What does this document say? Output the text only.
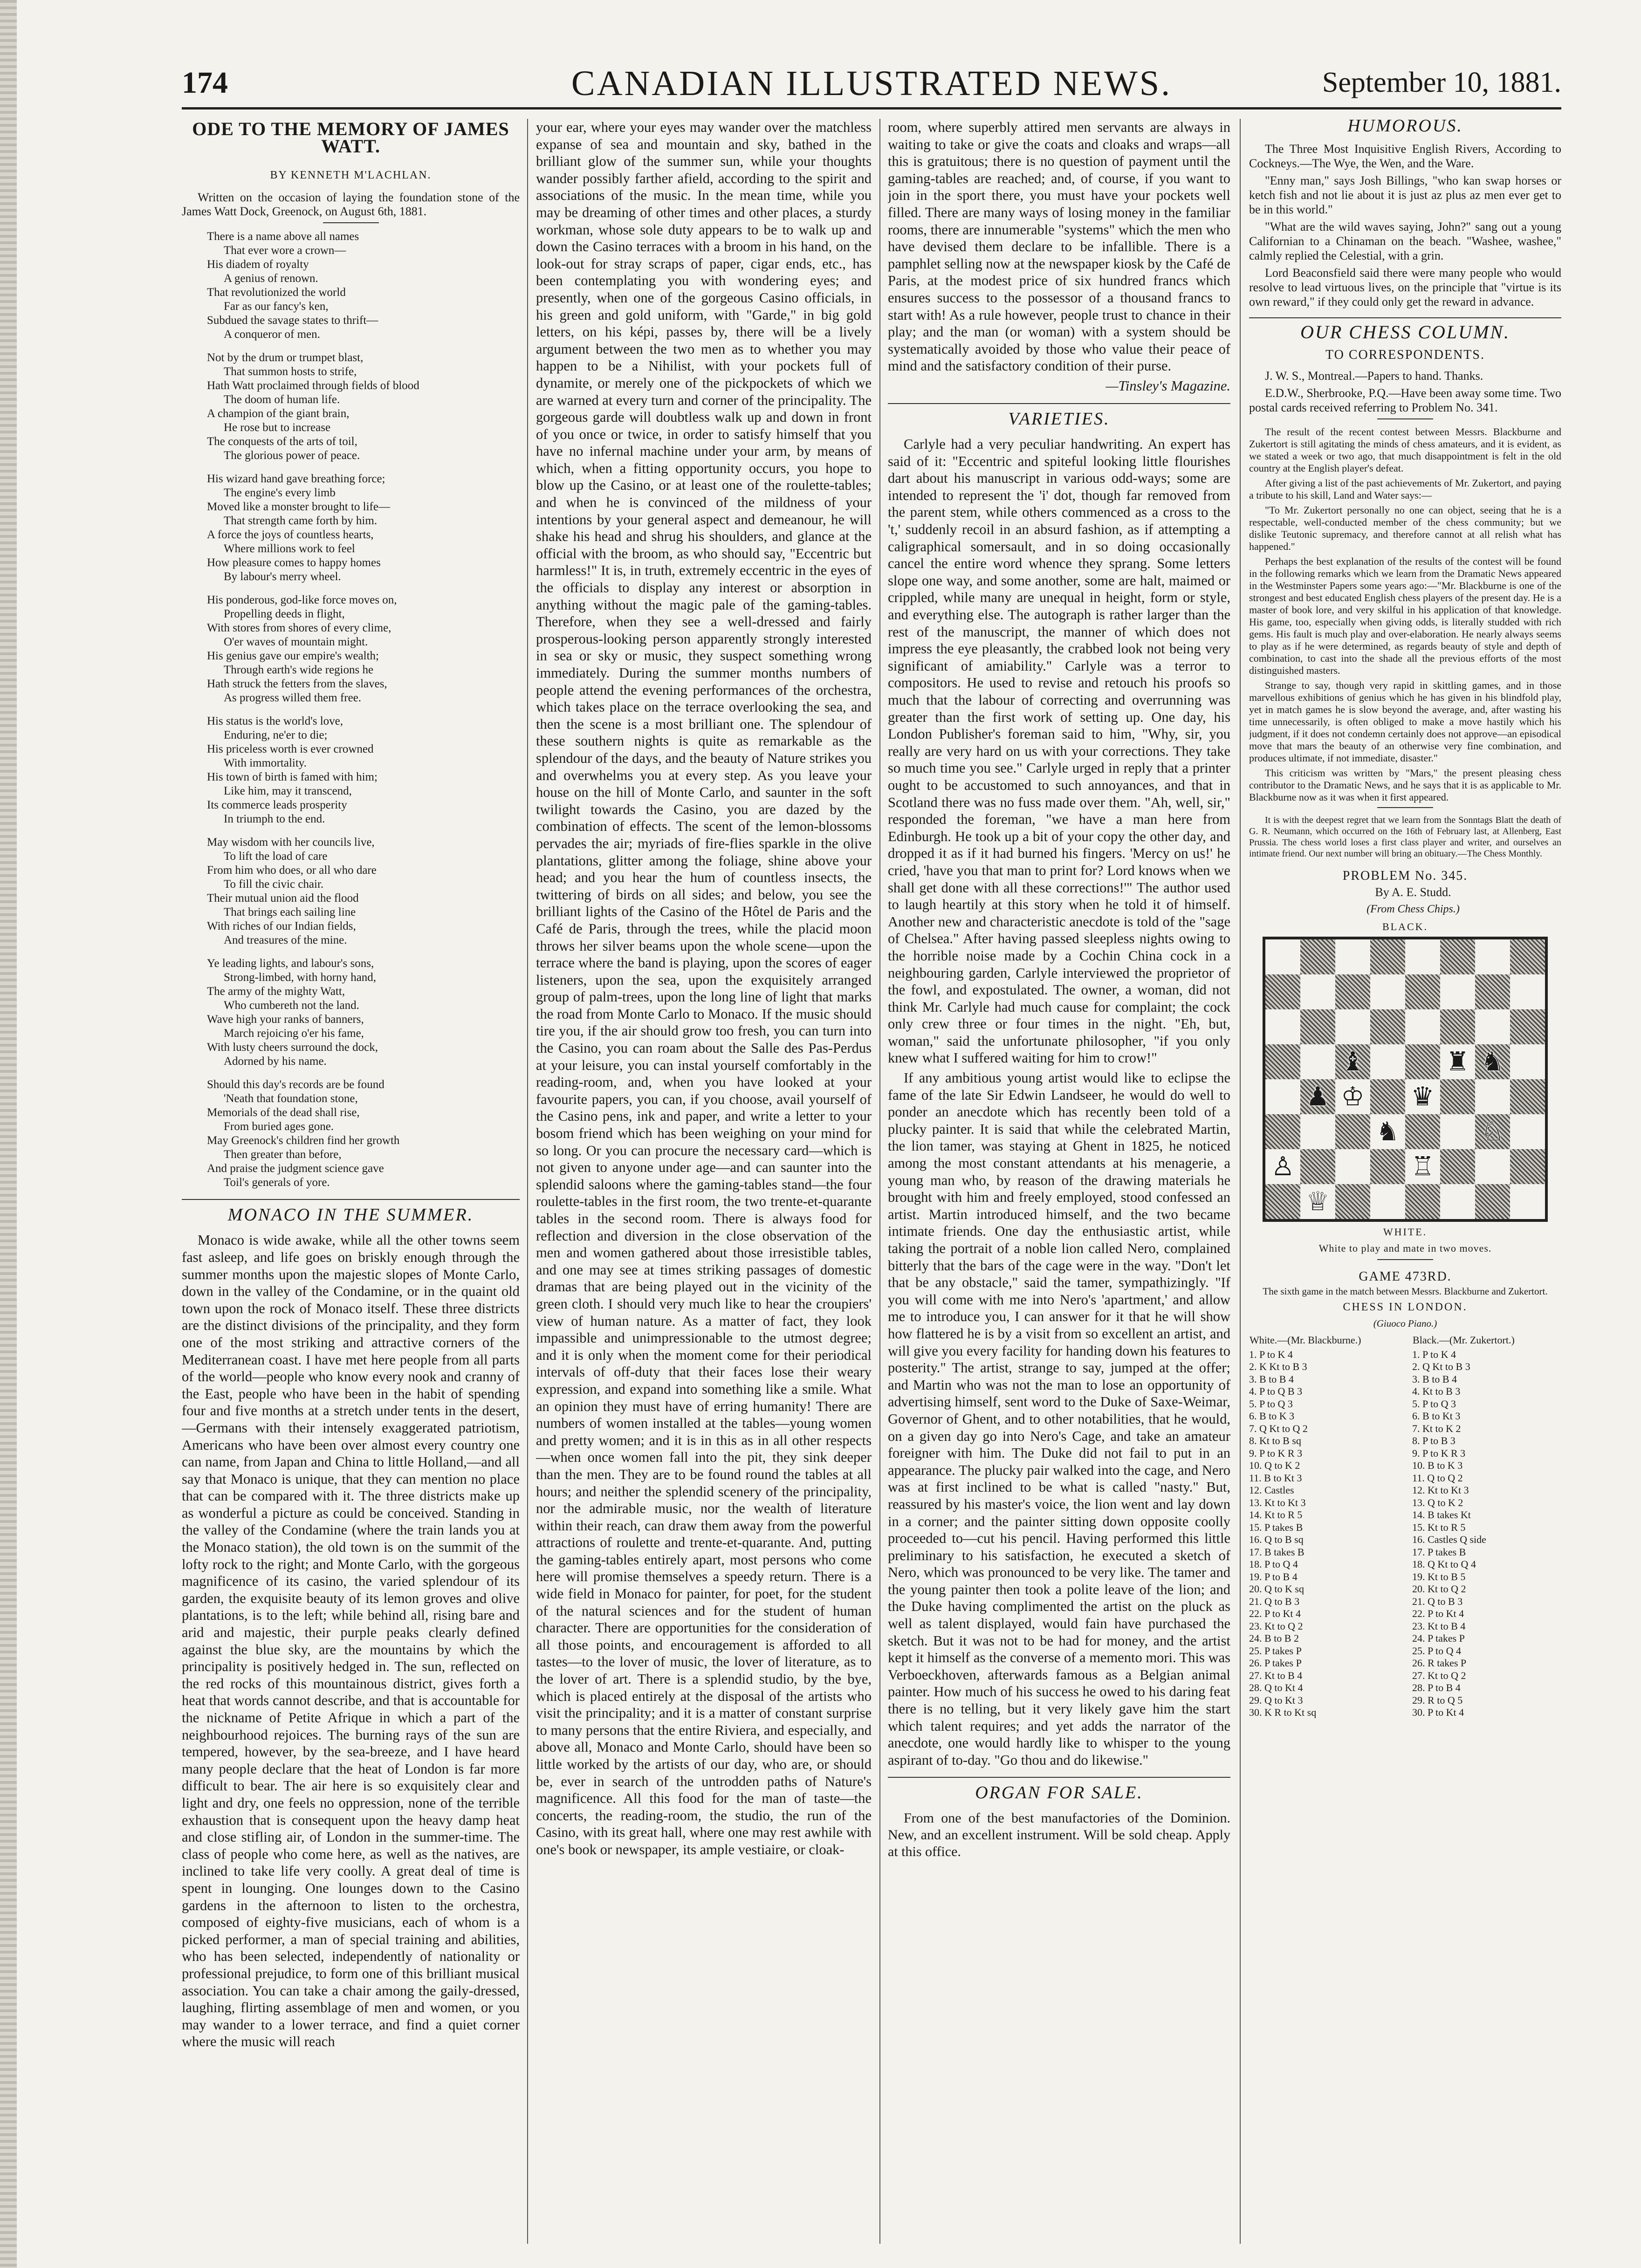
174	CANADIAN ILLUSTRATED NEWS.	September 10, 1881.
ODE TO THE MEMORY OF JAMES WATT.
BY KENNETH M'LACHLAN.

Written on the occasion of laying the foundation stone of the James Watt Dock, Greenock, on August 6th, 1881.

There is a name above all names
That ever wore a crown—
His diadem of royalty
A genius of renown.
That revolutionized the world
Far as our fancy's ken,
Subdued the savage states to thrift—
A conqueror of men.
Not by the drum or trumpet blast,
That summon hosts to strife,
Hath Watt proclaimed through fields of blood
The doom of human life.
A champion of the giant brain,
He rose but to increase
The conquests of the arts of toil,
The glorious power of peace.
His wizard hand gave breathing force;
The engine's every limb
Moved like a monster brought to life—
That strength came forth by him.
A force the joys of countless hearts,
Where millions work to feel
How pleasure comes to happy homes
By labour's merry wheel.
His ponderous, god-like force moves on,
Propelling deeds in flight,
With stores from shores of every clime,
O'er waves of mountain might.
His genius gave our empire's wealth;
Through earth's wide regions he
Hath struck the fetters from the slaves,
As progress willed them free.
His status is the world's love,
Enduring, ne'er to die;
His priceless worth is ever crowned
With immortality.
His town of birth is famed with him;
Like him, may it transcend,
Its commerce leads prosperity
In triumph to the end.
May wisdom with her councils live,
To lift the load of care
From him who does, or all who dare
To fill the civic chair.
Their mutual union aid the flood
That brings each sailing line
With riches of our Indian fields,
And treasures of the mine.
Ye leading lights, and labour's sons,
Strong-limbed, with horny hand,
The army of the mighty Watt,
Who cumbereth not the land.
Wave high your ranks of banners,
March rejoicing o'er his fame,
With lusty cheers surround the dock,
Adorned by his name.
Should this day's records are be found
'Neath that foundation stone,
Memorials of the dead shall rise,
From buried ages gone.
May Greenock's children find her growth
Then greater than before,
And praise the judgment science gave
Toil's generals of yore.
MONACO IN THE SUMMER.

Monaco is wide awake, while all the other towns seem fast asleep, and life goes on briskly enough through the summer months upon the majestic slopes of Monte Carlo, down in the valley of the Condamine, or in the quaint old town upon the rock of Monaco itself. These three districts are the distinct divisions of the principality, and they form one of the most striking and attractive corners of the Mediterranean coast. I have met here people from all parts of the world—people who know every nook and cranny of the East, people who have been in the habit of spending four and five months at a stretch under tents in the desert,—Germans with their intensely exaggerated patriotism, Americans who have been over almost every country one can name, from Japan and China to little Holland,—and all say that Monaco is unique, that they can mention no place that can be compared with it. The three districts make up as wonderful a picture as could be conceived. Standing in the valley of the Condamine (where the train lands you at the Monaco station), the old town is on the summit of the lofty rock to the right; and Monte Carlo, with the gorgeous magnificence of its casino, the varied splendour of its garden, the exquisite beauty of its lemon groves and olive plantations, is to the left; while behind all, rising bare and arid and majestic, their purple peaks clearly defined against the blue sky, are the mountains by which the principality is positively hedged in. The sun, reflected on the red rocks of this mountainous district, gives forth a heat that words cannot describe, and that is accountable for the nickname of Petite Afrique in which a part of the neighbourhood rejoices. The burning rays of the sun are tempered, however, by the sea-breeze, and I have heard many people declare that the heat of London is far more difficult to bear. The air here is so exquisitely clear and light and dry, one feels no oppression, none of the terrible exhaustion that is consequent upon the heavy damp heat and close stifling air, of London in the summer-time. The class of people who come here, as well as the natives, are inclined to take life very coolly. A great deal of time is spent in lounging. One lounges down to the Casino gardens in the afternoon to listen to the orchestra, composed of eighty-five musicians, each of whom is a picked performer, a man of special training and abilities, who has been selected, independently of nationality or professional prejudice, to form one of this brilliant musical association. You can take a chair among the gaily-dressed, laughing, flirting assemblage of men and women, or you may wander to a lower terrace, and find a quiet corner where the music will reach

your ear, where your eyes may wander over the matchless expanse of sea and mountain and sky, bathed in the brilliant glow of the summer sun, while your thoughts wander possibly farther afield, according to the spirit and associations of the music. In the mean time, while you may be dreaming of other times and other places, a sturdy workman, whose sole duty appears to be to walk up and down the Casino terraces with a broom in his hand, on the look-out for stray scraps of paper, cigar ends, etc., has been contemplating you with wondering eyes; and presently, when one of the gorgeous Casino officials, in his green and gold uniform, with "Garde," in big gold letters, on his képi, passes by, there will be a lively argument between the two men as to whether you may happen to be a Nihilist, with your pockets full of dynamite, or merely one of the pickpockets of which we are warned at every turn and corner of the principality. The gorgeous garde will doubtless walk up and down in front of you once or twice, in order to satisfy himself that you have no infernal machine under your arm, by means of which, when a fitting opportunity occurs, you hope to blow up the Casino, or at least one of the roulette-tables; and when he is convinced of the mildness of your intentions by your general aspect and demeanour, he will shake his head and shrug his shoulders, and glance at the official with the broom, as who should say, "Eccentric but harmless!" It is, in truth, extremely eccentric in the eyes of the officials to display any interest or absorption in anything without the magic pale of the gaming-tables. Therefore, when they see a well-dressed and fairly prosperous-looking person apparently strongly interested in sea or sky or music, they suspect something wrong immediately. During the summer months numbers of people attend the evening performances of the orchestra, which takes place on the terrace overlooking the sea, and then the scene is a most brilliant one. The splendour of these southern nights is quite as remarkable as the splendour of the days, and the beauty of Nature strikes you and overwhelms you at every step. As you leave your house on the hill of Monte Carlo, and saunter in the soft twilight towards the Casino, you are dazed by the combination of effects. The scent of the lemon-blossoms pervades the air; myriads of fire-flies sparkle in the olive plantations, glitter among the foliage, shine above your head; and you hear the hum of countless insects, the twittering of birds on all sides; and below, you see the brilliant lights of the Casino of the Hôtel de Paris and the Café de Paris, through the trees, while the placid moon throws her silver beams upon the whole scene—upon the terrace where the band is playing, upon the scores of eager listeners, upon the sea, upon the exquisitely arranged group of palm-trees, upon the long line of light that marks the road from Monte Carlo to Monaco. If the music should tire you, if the air should grow too fresh, you can turn into the Casino, you can roam about the Salle des Pas-Perdus at your leisure, you can instal yourself comfortably in the reading-room, and, when you have looked at your favourite papers, you can, if you choose, avail yourself of the Casino pens, ink and paper, and write a letter to your bosom friend which has been weighing on your mind for so long. Or you can procure the necessary card—which is not given to anyone under age—and can saunter into the splendid saloons where the gaming-tables stand—the four roulette-tables in the first room, the two trente-et-quarante tables in the second room. There is always food for reflection and diversion in the close observation of the men and women gathered about those irresistible tables, and one may see at times striking passages of domestic dramas that are being played out in the vicinity of the green cloth. I should very much like to hear the croupiers' view of human nature. As a matter of fact, they look impassible and unimpressionable to the utmost degree; and it is only when the moment come for their periodical intervals of off-duty that their faces lose their weary expression, and expand into something like a smile. What an opinion they must have of erring humanity! There are numbers of women installed at the tables—young women and pretty women; and it is in this as in all other respects—when once women fall into the pit, they sink deeper than the men. They are to be found round the tables at all hours; and neither the splendid scenery of the principality, nor the admirable music, nor the wealth of literature within their reach, can draw them away from the powerful attractions of roulette and trente-et-quarante. And, putting the gaming-tables entirely apart, most persons who come here will promise themselves a speedy return. There is a wide field in Monaco for painter, for poet, for the student of the natural sciences and for the student of human character. There are opportunities for the consideration of all those points, and encouragement is afforded to all tastes—to the lover of music, the lover of literature, as to the lover of art. There is a splendid studio, by the bye, which is placed entirely at the disposal of the artists who visit the principality; and it is a matter of constant surprise to many persons that the entire Riviera, and especially, and above all, Monaco and Monte Carlo, should have been so little worked by the artists of our day, who are, or should be, ever in search of the untrodden paths of Nature's magnificence. All this food for the man of taste—the concerts, the reading-room, the studio, the run of the Casino, with its great hall, where one may rest awhile with one's book or newspaper, its ample vestiaire, or cloak-

room, where superbly attired men servants are always in waiting to take or give the coats and cloaks and wraps—all this is gratuitous; there is no question of payment until the gaming-tables are reached; and, of course, if you want to join in the sport there, you must have your pockets well filled. There are many ways of losing money in the familiar rooms, there are innumerable "systems" which the men who have devised them declare to be infallible. There is a pamphlet selling now at the newspaper kiosk by the Café de Paris, at the modest price of six hundred francs which ensures success to the possessor of a thousand francs to start with! As a rule however, people trust to chance in their play; and the man (or woman) with a system should be systematically avoided by those who value their peace of mind and the satisfactory condition of their purse.

—Tinsley's Magazine.
VARIETIES.

Carlyle had a very peculiar handwriting. An expert has said of it: "Eccentric and spiteful looking little flourishes dart about his manuscript in various odd-ways; some are intended to represent the 'i' dot, though far removed from the parent stem, while others commenced as a cross to the 't,' suddenly recoil in an absurd fashion, as if attempting a caligraphical somersault, and in so doing occasionally cancel the entire word whence they sprang. Some letters slope one way, and some another, some are halt, maimed or crippled, while many are unequal in height, form or style, and everything else. The autograph is rather larger than the rest of the manuscript, the manner of which does not impress the eye pleasantly, the crabbed look not being very significant of amiability." Carlyle was a terror to compositors. He used to revise and retouch his proofs so much that the labour of correcting and overrunning was greater than the first work of setting up. One day, his London Publisher's foreman said to him, "Why, sir, you really are very hard on us with your corrections. They take so much time you see." Carlyle urged in reply that a printer ought to be accustomed to such annoyances, and that in Scotland there was no fuss made over them. "Ah, well, sir," responded the foreman, "we have a man here from Edinburgh. He took up a bit of your copy the other day, and dropped it as if it had burned his fingers. 'Mercy on us!' he cried, 'have you that man to print for? Lord knows when we shall get done with all these corrections!'" The author used to laugh heartily at this story when he told it of himself. Another new and characteristic anecdote is told of the "sage of Chelsea." After having passed sleepless nights owing to the horrible noise made by a Cochin China cock in a neighbouring garden, Carlyle interviewed the proprietor of the fowl, and expostulated. The owner, a woman, did not think Mr. Carlyle had much cause for complaint; the cock only crew three or four times in the night. "Eh, but, woman," said the unfortunate philosopher, "if you only knew what I suffered waiting for him to crow!"

If any ambitious young artist would like to eclipse the fame of the late Sir Edwin Landseer, he would do well to ponder an anecdote which has recently been told of a plucky painter. It is said that while the celebrated Martin, the lion tamer, was staying at Ghent in 1825, he noticed among the most constant attendants at his menagerie, a young man who, by reason of the drawing materials he brought with him and freely employed, stood confessed an artist. Martin introduced himself, and the two became intimate friends. One day the enthusiastic artist, while taking the portrait of a noble lion called Nero, complained bitterly that the bars of the cage were in the way. "Don't let that be any obstacle," said the tamer, sympathizingly. "If you will come with me into Nero's 'apartment,' and allow me to introduce you, I can answer for it that he will show how flattered he is by a visit from so excellent an artist, and will give you every facility for handing down his features to posterity." The artist, strange to say, jumped at the offer; and Martin who was not the man to lose an opportunity of advertising himself, sent word to the Duke of Saxe-Weimar, Governor of Ghent, and to other notabilities, that he would, on a given day go into Nero's Cage, and take an amateur foreigner with him. The Duke did not fail to put in an appearance. The plucky pair walked into the cage, and Nero was at first inclined to be what is called "nasty." But, reassured by his master's voice, the lion went and lay down in a corner; and the painter sitting down opposite coolly proceeded to—cut his pencil. Having performed this little preliminary to his satisfaction, he executed a sketch of Nero, which was pronounced to be very like. The tamer and the young painter then took a polite leave of the lion; and the Duke having complimented the artist on the pluck as well as talent displayed, would fain have purchased the sketch. But it was not to be had for money, and the artist kept it himself as the converse of a memento mori. This was Verboeckhoven, afterwards famous as a Belgian animal painter. How much of his success he owed to his daring feat there is no telling, but it very likely gave him the start which talent requires; and yet adds the narrator of the anecdote, one would hardly like to whisper to the young aspirant of to-day. "Go thou and do likewise."

ORGAN FOR SALE.

From one of the best manufactories of the Dominion. New, and an excellent instrument. Will be sold cheap. Apply at this office.

HUMOROUS.

The Three Most Inquisitive English Rivers, According to Cockneys.—The Wye, the Wen, and the Ware.

"Enny man," says Josh Billings, "who kan swap horses or ketch fish and not lie about it is just az plus az men ever get to be in this world."

"What are the wild waves saying, John?" sang out a young Californian to a Chinaman on the beach. "Washee, washee," calmly replied the Celestial, with a grin.

Lord Beaconsfield said there were many people who would resolve to lead virtuous lives, on the principle that "virtue is its own reward," if they could only get the reward in advance.

OUR CHESS COLUMN.
TO CORRESPONDENTS.

J. W. S., Montreal.—Papers to hand. Thanks.

E.D.W., Sherbrooke, P.Q.—Have been away some time. Two postal cards received referring to Problem No. 341.

The result of the recent contest between Messrs. Blackburne and Zukertort is still agitating the minds of chess amateurs, and it is evident, as we stated a week or two ago, that much disappointment is felt in the old country at the English player's defeat.

After giving a list of the past achievements of Mr. Zukertort, and paying a tribute to his skill, Land and Water says:—

"To Mr. Zukertort personally no one can object, seeing that he is a respectable, well-conducted member of the chess community; but we dislike Teutonic supremacy, and therefore cannot at all relish what has happened."

Perhaps the best explanation of the results of the contest will be found in the following remarks which we learn from the Dramatic News appeared in the Westminster Papers some years ago:—"Mr. Blackburne is one of the strongest and best educated English chess players of the present day. He is a master of book lore, and very skilful in his application of that knowledge. His game, too, especially when giving odds, is literally studded with rich gems. His fault is much play and over-elaboration. He nearly always seems to play as if he were determined, as regards beauty of style and depth of combination, to cast into the shade all the previous efforts of the most distinguished masters.

Strange to say, though very rapid in skittling games, and in those marvellous exhibitions of genius which he has given in his blindfold play, yet in match games he is slow beyond the average, and, after wasting his time unnecessarily, is often obliged to make a move hastily which his judgment, if it does not condemn certainly does not approve—an episodical move that mars the beauty of an otherwise very fine combination, and produces ultimate, if not immediate, disaster."

This criticism was written by "Mars," the present pleasing chess contributor to the Dramatic News, and he says that it is as applicable to Mr. Blackburne now as it was when it first appeared.

It is with the deepest regret that we learn from the Sonntags Blatt the death of G. R. Neumann, which occurred on the 16th of February last, at Allenberg, East Prussia. The chess world loses a first class player and writer, and ourselves an intimate friend. Our next number will bring an obituary.—The Chess Monthly.

PROBLEM No. 345.

By A. E. Studd.

(From Chess Chips.)

BLACK.
♝	♜ ♞
♟ ♔ ♛
♞	♘
♙	♖
♕
WHITE.
White to play and mate in two moves.
GAME 473RD.

The sixth game in the match between Messrs. Blackburne and Zukertort.

CHESS IN LONDON.
(Giuoco Piano.)
White.—(Mr. Blackburne.)	Black.—(Mr. Zukertort.)
1. P to K 4	1. P to K 4
2. K Kt to B 3	2. Q Kt to B 3
3. B to B 4	3. B to B 4
4. P to Q B 3	4. Kt to B 3
5. P to Q 3	5. P to Q 3
6. B to K 3	6. B to Kt 3
7. Q Kt to Q 2	7. Kt to K 2
8. Kt to B sq	8. P to B 3
9. P to K R 3	9. P to K R 3
10. Q to K 2	10. B to K 3
11. B to Kt 3	11. Q to Q 2
12. Castles	12. Kt to Kt 3
13. Kt to Kt 3	13. Q to K 2
14. Kt to R 5	14. B takes Kt
15. P takes B	15. Kt to R 5
16. Q to B sq	16. Castles Q side
17. B takes B	17. P takes B
18. P to Q 4	18. Q Kt to Q 4
19. P to B 4	19. Kt to B 5
20. Q to K sq	20. Kt to Q 2
21. Q to B 3	21. Q to B 3
22. P to Kt 4	22. P to Kt 4
23. Kt to Q 2	23. Kt to B 4
24. B to B 2	24. P takes P
25. P takes P	25. P to Q 4
26. P takes P	26. R takes P
27. Kt to B 4	27. Kt to Q 2
28. Q to Kt 4	28. P to B 4
29. Q to Kt 3	29. R to Q 5
30. K R to Kt sq	30. P to Kt 4
